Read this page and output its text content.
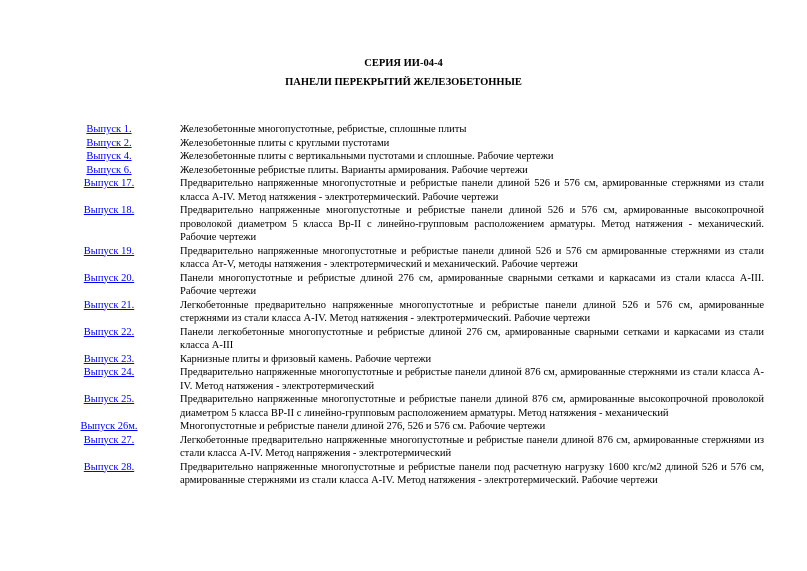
СЕРИЯ ИИ-04-4
ПАНЕЛИ ПЕРЕКРЫТИЙ ЖЕЛЕЗОБЕТОННЫЕ
Выпуск 1.	Железобетонные многопустотные, ребристые, сплошные плиты
Выпуск 2.	Железобетонные плиты с круглыми пустотами
Выпуск 4.	Железобетонные плиты с вертикальными пустотами и сплошные. Рабочие чертежи
Выпуск 6.	Железобетонные ребристые плиты. Варианты армирования. Рабочие чертежи
Выпуск 17.	Предварительно напряженные многопустотные и ребристые панели длиной 526 и 576 см, армированные стержнями из стали класса А-IV. Метод натяжения - электротермический. Рабочие чертежи
Выпуск 18.	Предварительно напряженные многопустотные и ребристые панели длиной 526 и 576 см, армированные высокопрочной проволокой диаметром 5 класса Вр-II с линейно-групповым расположением арматуры. Метод натяжения - механический. Рабочие чертежи
Выпуск 19.	Предварительно напряженные многопустотные и ребристые панели длиной 526 и 576 см армированные стержнями из стали класса Ат-V, методы натяжения - электротермический и механический. Рабочие чертежи
Выпуск 20.	Панели многопустотные и ребристые длиной 276 см, армированные сварными сетками и каркасами из стали класса А-III. Рабочие чертежи
Выпуск 21.	Легкобетонные предварительно напряженные многопустотные и ребристые панели длиной 526 и 576 см, армированные стержнями из стали класса А-IV. Метод натяжения - электротермический. Рабочие чертежи
Выпуск 22.	Панели легкобетонные многопустотные и ребристые длиной 276 см, армированные сварными сетками и каркасами из стали класса А-III
Выпуск 23.	Карнизные плиты и фризовый камень. Рабочие чертежи
Выпуск 24.	Предварительно напряженные многопустотные и ребристые панели длиной 876 см, армированные стержнями из стали класса А-IV. Метод натяжения - электротермический
Выпуск 25.	Предварительно напряженные многопустотные и ребристые панели длиной 876 см, армированные высокопрочной проволокой диаметром 5 класса ВР-II с линейно-групповым расположением арматуры. Метод натяжения - механический
Выпуск 26м.	Многопустотные и ребристые панели длиной 276, 526 и 576 см. Рабочие чертежи
Выпуск 27.	Легкобетонные предварительно напряженные многопустотные и ребристые панели длиной 876 см, армированные стержнями из стали класса А-IV. Метод напряжения - электротермический
Выпуск 28.	Предварительно напряженные многопустотные и ребристые панели под расчетную нагрузку 1600 кгс/м2 длиной 526 и 576 см, армированные стержнями из стали класса А-IV. Метод натяжения - электротермический. Рабочие чертежи
